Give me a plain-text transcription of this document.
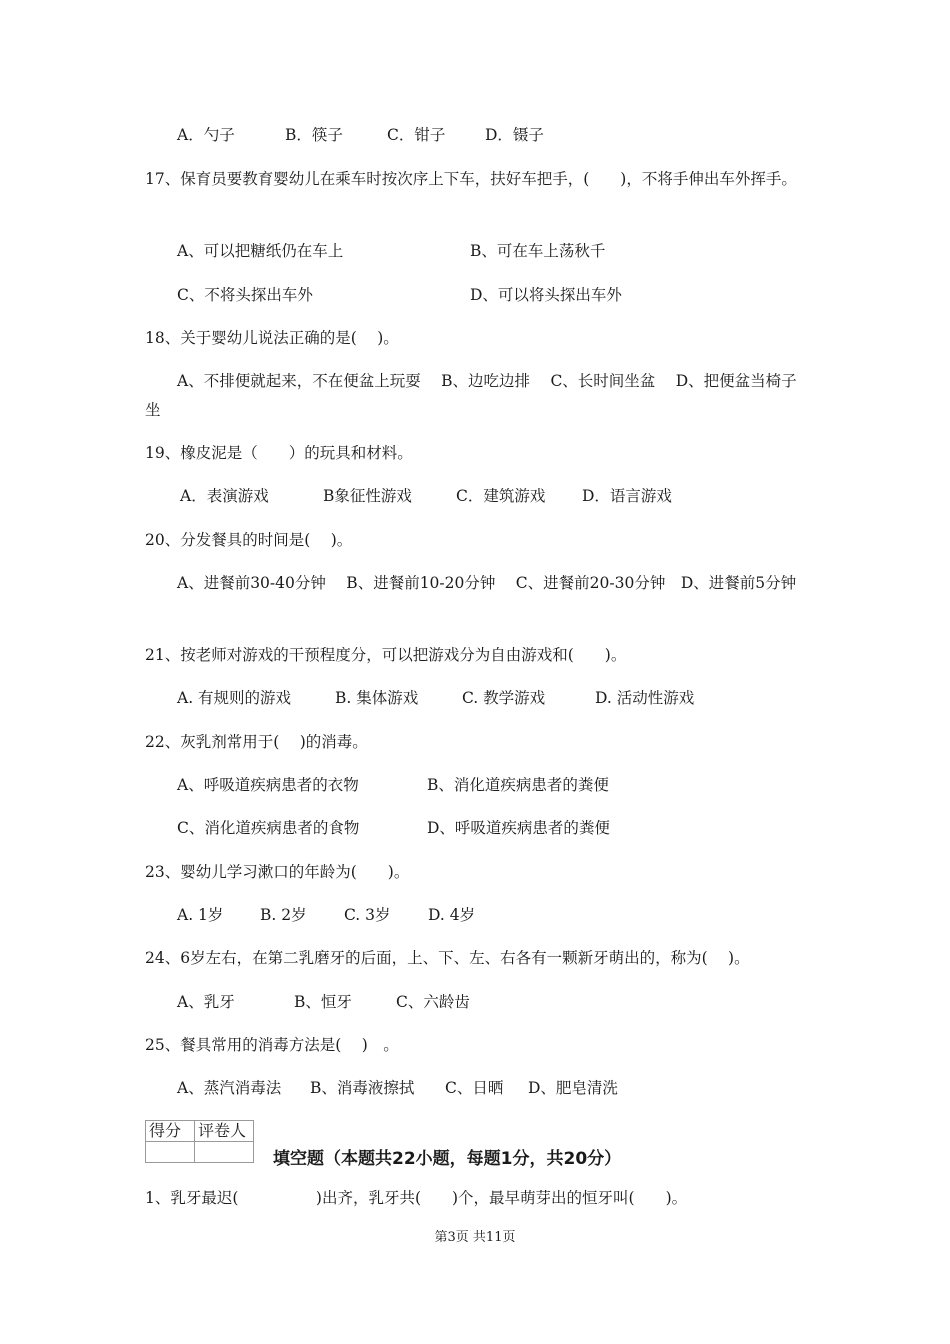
A．勺子	B．筷子	C．钳子	D．镊子
17、保育员要教育婴幼儿在乘车时按次序上下车，扶好车把手，(　　)，不将手伸出车外挥手。
A、可以把糖纸仍在车上	B、可在车上荡秋千
C、不将头探出车外	D、可以将头探出车外
18、关于婴幼儿说法正确的是(　 )。
A、不排便就起来，不在便盆上玩耍　 B、边吃边排　 C、长时间坐盆　 D、把便盆当椅子坐
19、橡皮泥是（　　）的玩具和材料。
A．表演游戏	B象征性游戏	C．建筑游戏 D．语言游戏
20、分发餐具的时间是(　 )。
A、进餐前30-40分钟　 B、进餐前10-20分钟　 C、进餐前20-30分钟　D、进餐前5分钟
21、按老师对游戏的干预程度分，可以把游戏分为自由游戏和(　　)。
A. 有规则的游戏	B. 集体游戏	C. 教学游戏	D. 活动性游戏
22、灰乳剂常用于(　 )的消毒。
A、呼吸道疾病患者的衣物	B、消化道疾病患者的粪便
C、消化道疾病患者的食物	D、呼吸道疾病患者的粪便
23、婴幼儿学习漱口的年龄为(　　)。
A. 1岁 B. 2岁 C. 3岁 D. 4岁
24、6岁左右，在第二乳磨牙的后面，上、下、左、右各有一颗新牙萌出的，称为(　 )。
A、乳牙	B、恒牙	C、六龄齿
25、餐具常用的消毒方法是(　 )　。
A、蒸汽消毒法 B、消毒液擦拭 C、日晒 D、肥皂清洗
得分	评卷人

填空题（本题共22小题，每题1分，共20分）
1、乳牙最迟(　　　　　)出齐，乳牙共(　　)个，最早萌芽出的恒牙叫(　　)。
第3页 共11页
